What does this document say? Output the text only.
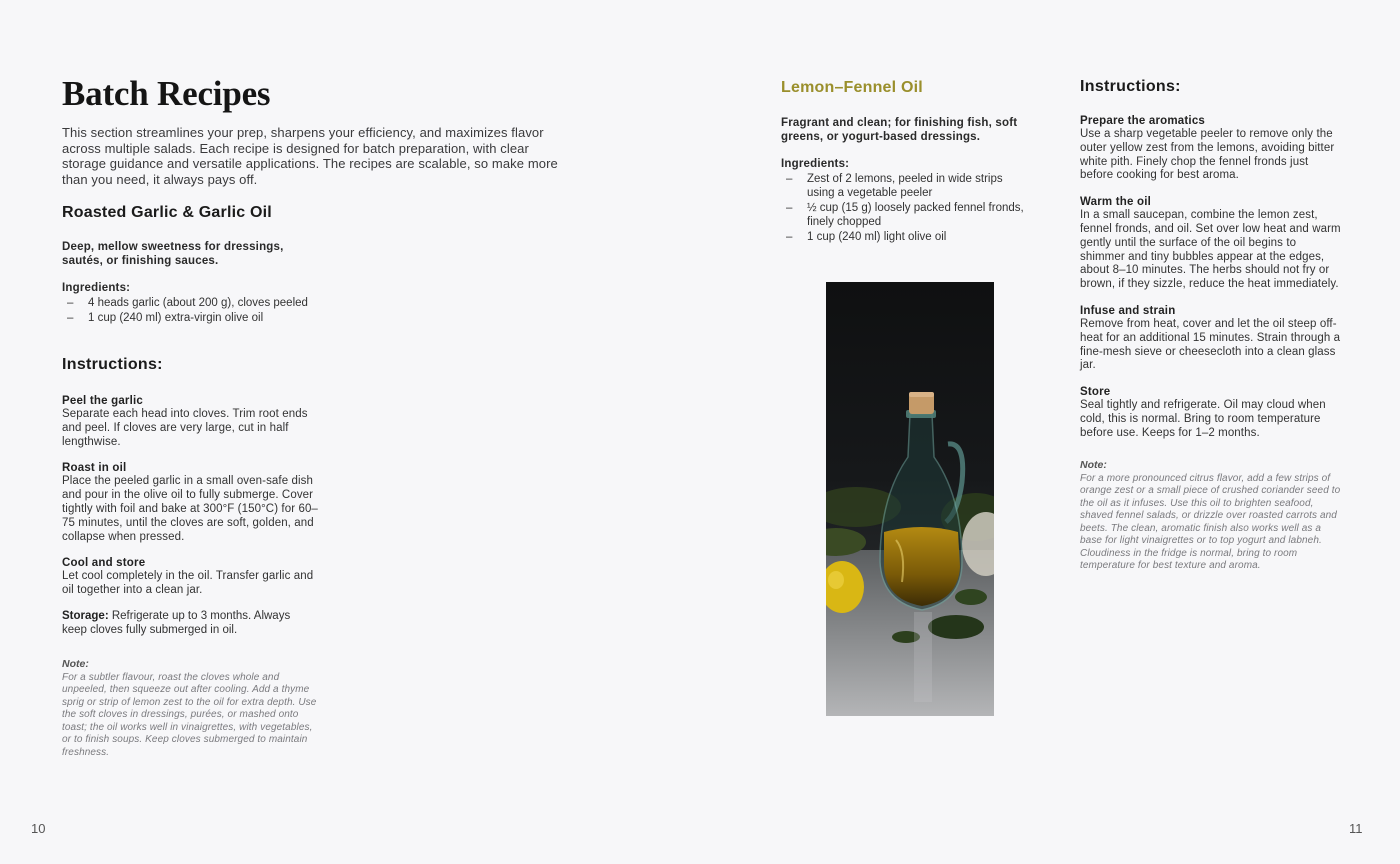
Batch Recipes

This section streamlines your prep, sharpens your efficiency, and maximizes flavor across multiple salads. Each recipe is designed for batch preparation, with clear storage guidance and versatile applications. The recipes are scalable, so make more than you need, it always pays off.

Roasted Garlic & Garlic Oil

Deep, mellow sweetness for dressings, sautés, or finishing sauces.

Ingredients:
– 4 heads garlic (about 200 g), cloves peeled
– 1 cup (240 ml) extra-virgin olive oil
Instructions:
Peel the garlic
Separate each head into cloves. Trim root ends and peel. If cloves are very large, cut in half lengthwise.
Roast in oil
Place the peeled garlic in a small oven-safe dish and pour in the olive oil to fully submerge. Cover tightly with foil and bake at 300°F (150°C) for 60–75 minutes, until the cloves are soft, golden, and collapse when pressed.
Cool and store
Let cool completely in the oil. Transfer garlic and oil together into a clean jar.
Storage: Refrigerate up to 3 months. Always keep cloves fully submerged in oil.
Note:
For a subtler flavour, roast the cloves whole and unpeeled, then squeeze out after cooling. Add a thyme sprig or strip of lemon zest to the oil for extra depth. Use the soft cloves in dressings, purées, or mashed onto toast; the oil works well in vinaigrettes, with vegetables, or to finish soups. Keep cloves submerged to maintain freshness.
10
Lemon–Fennel Oil

Fragrant and clean; for finishing fish, soft greens, or yogurt-based dressings.

Ingredients:
– Zest of 2 lemons, peeled in wide strips using a vegetable peeler
– ½ cup (15 g) loosely packed fennel fronds, finely chopped
– 1 cup (240 ml) light olive oil
Instructions:
Prepare the aromatics
Use a sharp vegetable peeler to remove only the outer yellow zest from the lemons, avoiding bitter white pith. Finely chop the fennel fronds just before cooking for best aroma.
Warm the oil
In a small saucepan, combine the lemon zest, fennel fronds, and oil. Set over low heat and warm gently until the surface of the oil begins to shimmer and tiny bubbles appear at the edges, about 8–10 minutes. The herbs should not fry or brown, if they sizzle, reduce the heat immediately.
Infuse and strain
Remove from heat, cover and let the oil steep off-heat for an additional 15 minutes. Strain through a fine-mesh sieve or cheesecloth into a clean glass jar.
Store
Seal tightly and refrigerate. Oil may cloud when cold, this is normal. Bring to room temperature before use. Keeps for 1–2 months.
Note:
For a more pronounced citrus flavor, add a few strips of orange zest or a small piece of crushed coriander seed to the oil as it infuses. Use this oil to brighten seafood, shaved fennel salads, or drizzle over roasted carrots and beets. The clean, aromatic finish also works well as a base for light vinaigrettes or to top yogurt and labneh. Cloudiness in the fridge is normal, bring to room temperature for best texture and aroma.
11
